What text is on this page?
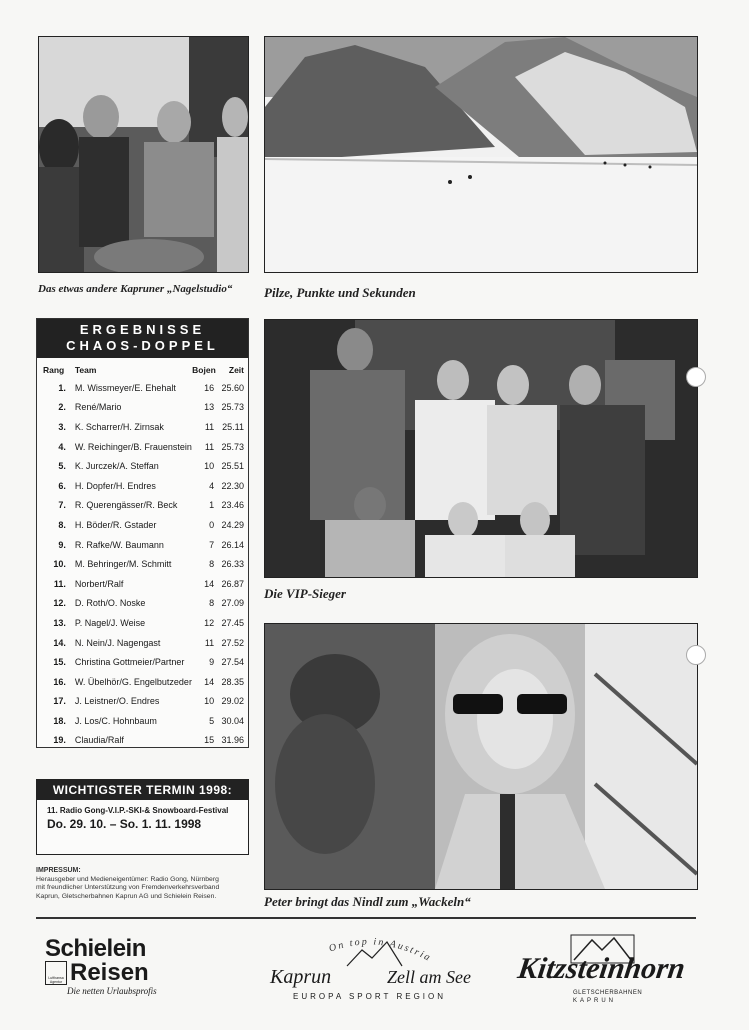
Das etwas andere Kapruner „Nagelstudio“ Pilze, Punkte und Sekunden
ERGEBNISSE
CHAOS-DOPPEL
Rang	Team	Bojen	Zeit
1.	M. Wissmeyer/E. Ehehalt	16 25.60
2.	René/Mario	13 25.73
3.	K. Scharrer/H. Zirnsak	11 25.11
4.	W. Reichinger/B. Frauenstein	11 25.73
5.	K. Jurczek/A. Steffan	10 25.51
6.	H. Dopfer/H. Endres	4 22.30
7.	R. Querengässer/R. Beck	1 23.46
8.	H. Böder/R. Gstader	0 24.29
9.	R. Rafke/W. Baumann	7 26.14
10.	M. Behringer/M. Schmitt	8 26.33
11.	Norbert/Ralf	14 26.87
12.	D. Roth/O. Noske	8 27.09
13.	P. Nagel/J. Weise	12 27.45
14.	N. Nein/J. Nagengast	11 27.52
15.	Christina Gottmeier/Partner	9 27.54
16.	W. Übelhör/G. Engelbutzeder	14 28.35
17.	J. Leistner/O. Endres	10 29.02
18.	J. Los/C. Hohnbaum	5 30.04
19.	Claudia/Ralf	15 31.96
Die VIP-Sieger
Peter bringt das Nindl zum „Wackeln“
WICHTIGSTER TERMIN 1998:
11. Radio Gong-V.I.P.-SKI-& Snowboard-Festival
Do. 29. 10. – So. 1. 11. 1998
IMPRESSUM:
Herausgeber und Medieneigentümer: Radio Gong, Nürnberg
mit freundlicher Unterstützung von Fremdenverkehrsverband
Kaprun, Gletscherbahnen Kaprun AG und Schielein Reisen.
Schielein
Lufthansa Agentur Reisen
Die netten Urlaubsprofis
On top in Austria
Kaprun	Zell am See
EUROPA SPORT REGION
Kitzsteinhorn
GLETSCHERBAHNEN
KAPRUN
